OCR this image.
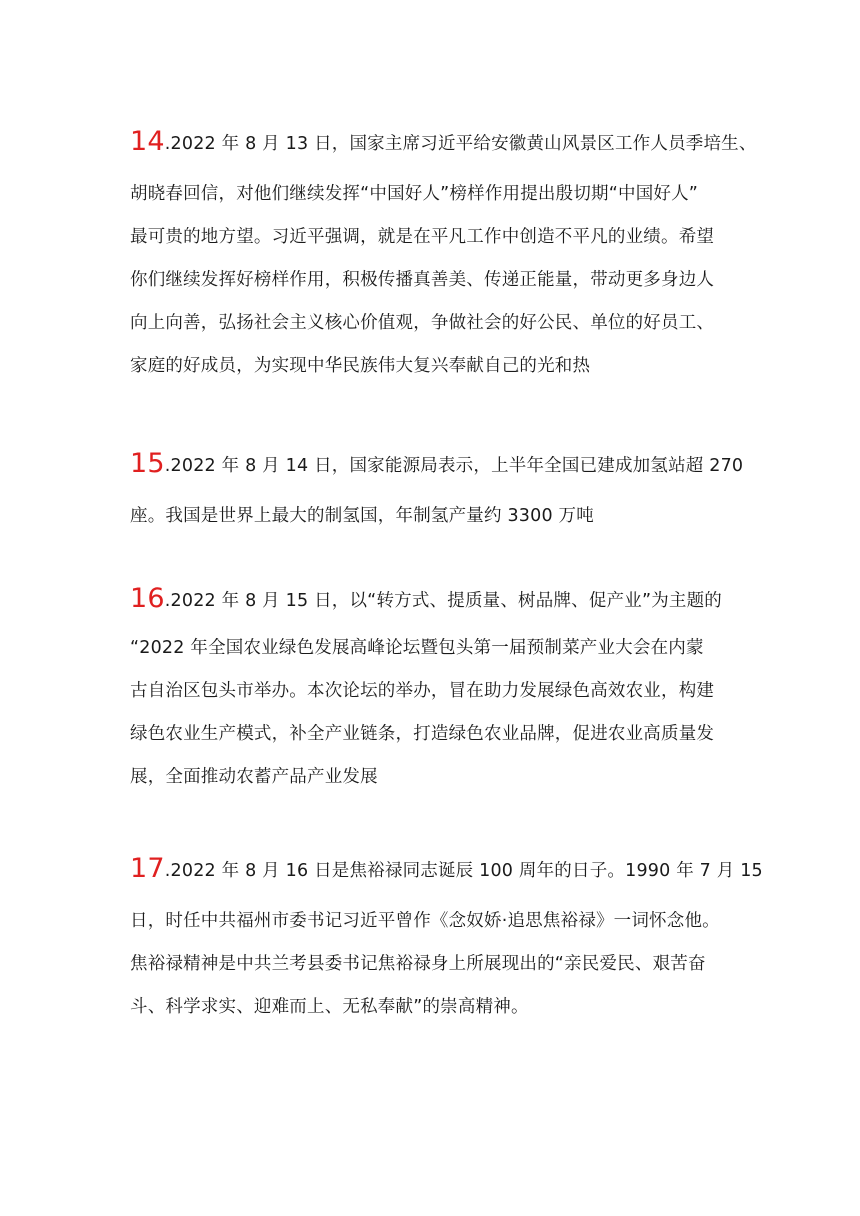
14.2022 年 8 月 13 日，国家主席习近平给安徽黄山风景区工作人员季培生、
胡晓春回信，对他们继续发挥“中国好人”榜样作用提出殷切期“中国好人”
最可贵的地方望。习近平强调，就是在平凡工作中创造不平凡的业绩。希望
你们继续发挥好榜样作用，积极传播真善美、传递正能量，带动更多身边人
向上向善，弘扬社会主义核心价值观，争做社会的好公民、单位的好员工、
家庭的好成员，为实现中华民族伟大复兴奉献自己的光和热
15.2022 年 8 月 14 日，国家能源局表示，上半年全国已建成加氢站超 270
座。我国是世界上最大的制氢国，年制氢产量约 3300 万吨
16.2022 年 8 月 15 日，以“转方式、提质量、树品牌、促产业”为主题的
“2022 年全国农业绿色发展高峰论坛暨包头第一届预制菜产业大会在内蒙
古自治区包头市举办。本次论坛的举办，冒在助力发展绿色高效农业，构建
绿色农业生产模式，补全产业链条，打造绿色农业品牌，促进农业高质量发
展，全面推动农蓄产品产业发展
17.2022 年 8 月 16 日是焦裕禄同志诞辰 100 周年的日子。1990 年 7 月 15
日，时任中共福州市委书记习近平曾作《念奴娇·追思焦裕禄》一词怀念他。
焦裕禄精神是中共兰考县委书记焦裕禄身上所展现出的“亲民爱民、艰苦奋
斗、科学求实、迎难而上、无私奉献”的崇高精神。
